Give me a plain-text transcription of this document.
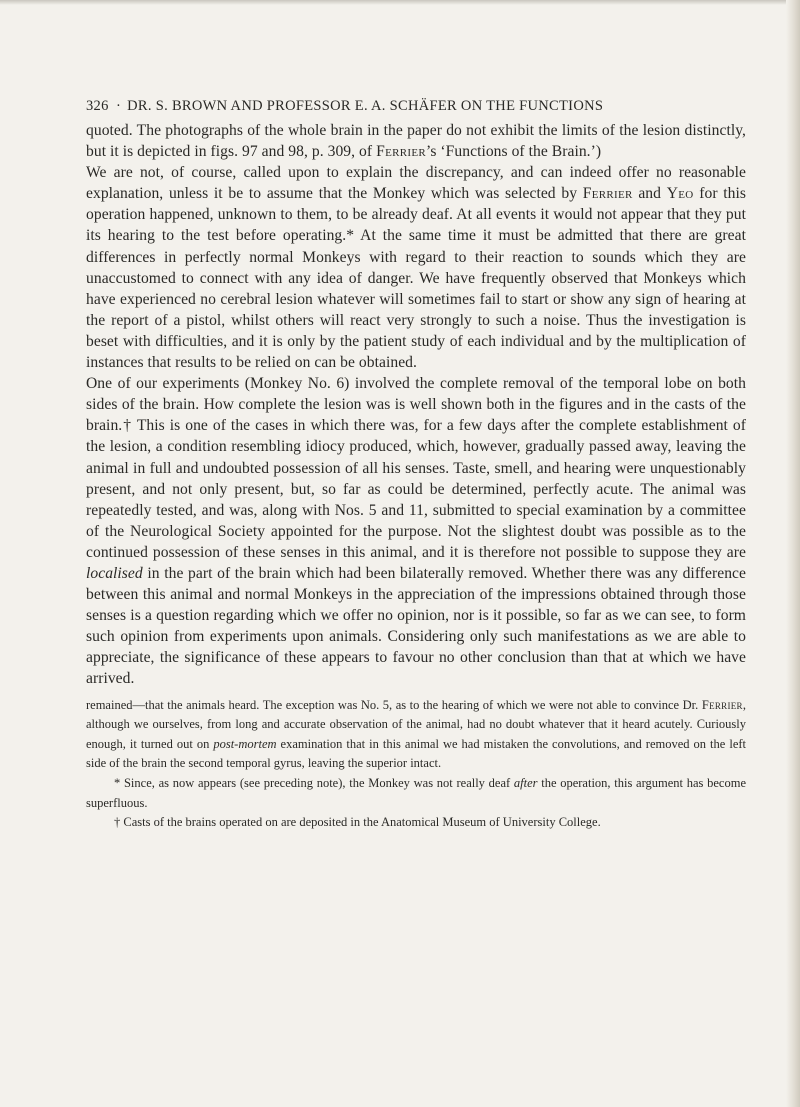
326 · DR. S. BROWN AND PROFESSOR E. A. SCHÄFER ON THE FUNCTIONS

quoted. The photographs of the whole brain in the paper do not exhibit the limits of the lesion distinctly, but it is depicted in figs. 97 and 98, p. 309, of Ferrier’s ‘Functions of the Brain.’)

We are not, of course, called upon to explain the discrepancy, and can indeed offer no reasonable explanation, unless it be to assume that the Monkey which was selected by Ferrier and Yeo for this operation happened, unknown to them, to be already deaf. At all events it would not appear that they put its hearing to the test before operating.* At the same time it must be admitted that there are great differences in perfectly normal Monkeys with regard to their reaction to sounds which they are unaccustomed to connect with any idea of danger. We have frequently observed that Monkeys which have experienced no cerebral lesion whatever will sometimes fail to start or show any sign of hearing at the report of a pistol, whilst others will react very strongly to such a noise. Thus the investigation is beset with difficulties, and it is only by the patient study of each individual and by the multiplication of instances that results to be relied on can be obtained.

One of our experiments (Monkey No. 6) involved the complete removal of the temporal lobe on both sides of the brain. How complete the lesion was is well shown both in the figures and in the casts of the brain.† This is one of the cases in which there was, for a few days after the complete establishment of the lesion, a condition resembling idiocy produced, which, however, gradually passed away, leaving the animal in full and undoubted possession of all his senses. Taste, smell, and hearing were unquestionably present, and not only present, but, so far as could be determined, perfectly acute. The animal was repeatedly tested, and was, along with Nos. 5 and 11, submitted to special examination by a committee of the Neurological Society appointed for the purpose. Not the slightest doubt was possible as to the continued possession of these senses in this animal, and it is therefore not possible to suppose they are localised in the part of the brain which had been bilaterally removed. Whether there was any difference between this animal and normal Monkeys in the appreciation of the impressions obtained through those senses is a question regarding which we offer no opinion, nor is it possible, so far as we can see, to form such opinion from experiments upon animals. Considering only such manifestations as we are able to appreciate, the significance of these appears to favour no other conclusion than that at which we have arrived.

remained—that the animals heard. The exception was No. 5, as to the hearing of which we were not able to convince Dr. Ferrier, although we ourselves, from long and accurate observation of the animal, had no doubt whatever that it heard acutely. Curiously enough, it turned out on post-mortem examination that in this animal we had mistaken the convolutions, and removed on the left side of the brain the second temporal gyrus, leaving the superior intact.

* Since, as now appears (see preceding note), the Monkey was not really deaf after the operation, this argument has become superfluous.

† Casts of the brains operated on are deposited in the Anatomical Museum of University College.
